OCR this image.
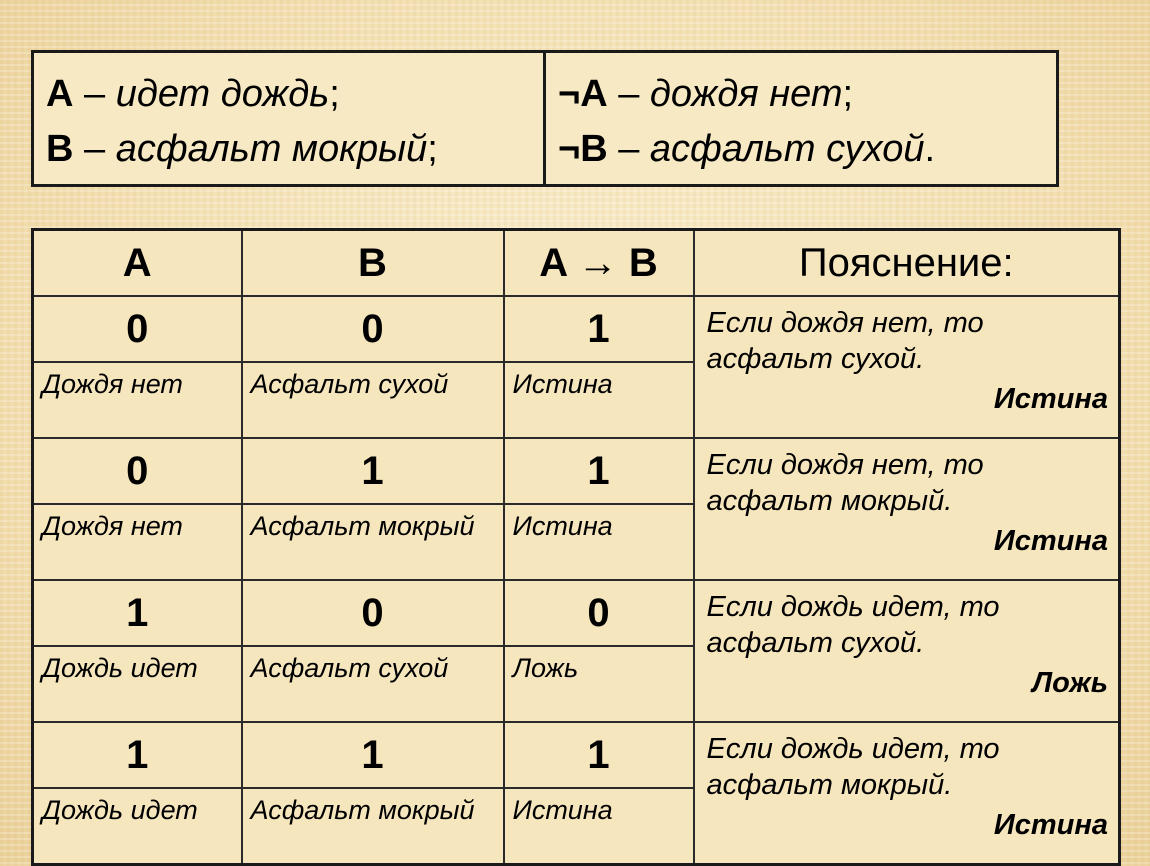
A – идет дождь;
B – асфальт мокрый;

¬A – дождя нет;
¬B – асфальт сухой.
A	B	A → B	Пояснение:
0	0	1	Если дождя нет, то асфальт сухой.
Истина

Дождя нет	Асфальт сухой	Истина	
0	1	1	Если дождя нет, то асфальт мокрый.
Истина

Дождя нет	Асфальт мокрый	Истина	
1	0	0	Если дождь идет, то асфальт сухой.
Ложь

Дождь идет	Асфальт сухой	Ложь	
1	1	1	Если дождь идет, то асфальт мокрый.
Истина

Дождь идет	Асфальт мокрый	Истина	
